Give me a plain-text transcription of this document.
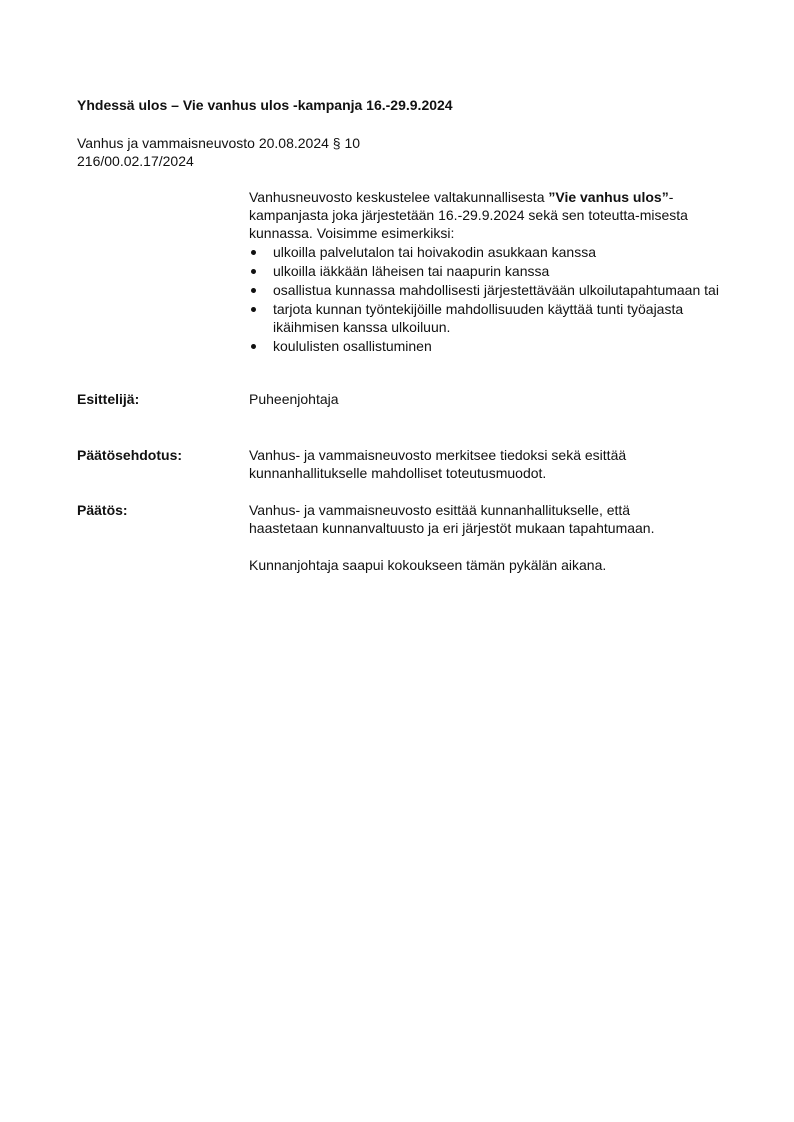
Yhdessä ulos – Vie vanhus ulos -kampanja 16.-29.9.2024
Vanhus ja vammaisneuvosto 20.08.2024 § 10
216/00.02.17/2024

Vanhusneuvosto keskustelee valtakunnallisesta ”Vie vanhus ulos”-kampanjasta joka järjestetään 16.-29.9.2024 sekä sen toteutta-misesta kunnassa. Voisimme esimerkiksi:

ulkoilla palvelutalon tai hoivakodin asukkaan kanssa
ulkoilla iäkkään läheisen tai naapurin kanssa
osallistua kunnassa mahdollisesti järjestettävään ulkoilutapahtumaan tai
tarjota kunnan työntekijöille mahdollisuuden käyttää tunti työajasta ikäihmisen kanssa ulkoiluun.
koululisten osallistuminen
Esittelijä:	Puheenjohtaja
Päätösehdotus:	Vanhus- ja vammaisneuvosto merkitsee tiedoksi sekä esittää

kunnanhallitukselle mahdolliset toteutusmuodot.

Päätös:	Vanhus- ja vammaisneuvosto esittää kunnanhallitukselle, että

haastetaan kunnanvaltuusto ja eri järjestöt mukaan tapahtumaan.

Kunnanjohtaja saapui kokoukseen tämän pykälän aikana.
